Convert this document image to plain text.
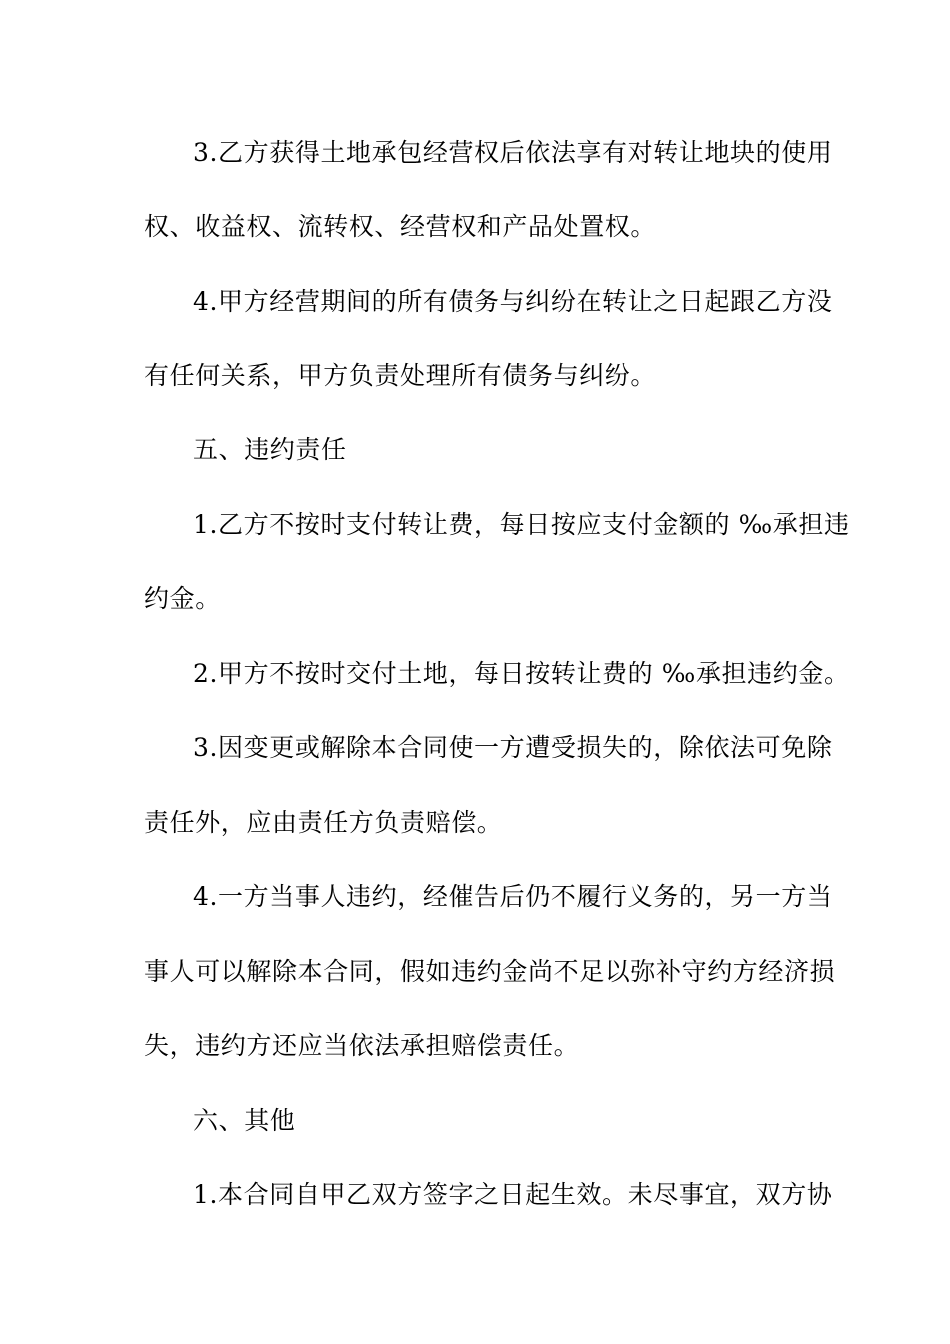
3.乙方获得土地承包经营权后依法享有对转让地块的使用
权、收益权、流转权、经营权和产品处置权。
4.甲方经营期间的所有债务与纠纷在转让之日起跟乙方没
有任何关系，甲方负责处理所有债务与纠纷。
五、违约责任
1.乙方不按时支付转让费，每日按应支付金额的 ‰承担违
约金。
2.甲方不按时交付土地，每日按转让费的 ‰承担违约金。
3.因变更或解除本合同使一方遭受损失的，除依法可免除
责任外，应由责任方负责赔偿。
4.一方当事人违约，经催告后仍不履行义务的，另一方当
事人可以解除本合同，假如违约金尚不足以弥补守约方经济损
失，违约方还应当依法承担赔偿责任。
六、其他
1.本合同自甲乙双方签字之日起生效。未尽事宜，双方协
